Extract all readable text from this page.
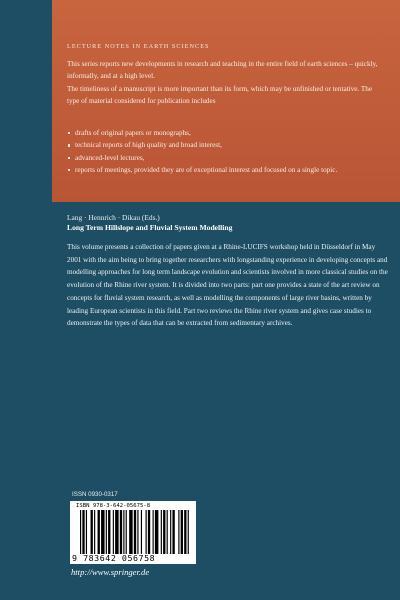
LECTURE NOTES IN EARTH SCIENCES

This series reports new developments in research and teaching in the entire field of earth sciences – quickly, informally, and at a high level.

The timeliness of a manuscript is more important than its form, which may be unfinished or tentative. The type of material considered for publication includes

drafts of original papers or monographs,
technical reports of high quality and broad interest,
advanced-level lectures,
reports of meetings, provided they are of exceptional interest and focused on a single topic.
Lang · Hennrich · Dikau (Eds.)
Long Term Hillslope and Fluvial System Modelling

This volume presents a collection of papers given at a Rhine-LUCIFS workshop held in Düsseldorf in May 2001 with the aim being to bring together researchers with longstanding experience in developing concepts and modelling approaches for long term landscape evolution and scientists involved in more classical studies on the evolution of the Rhine river system. It is divided into two parts: part one provides a state of the art review on concepts for fluvial system research, as well as modelling the components of large river basins, written by leading European scientists in this field. Part two reviews the Rhine river system and gives case studies to demonstrate the types of data that can be extracted from sedimentary archives.

ISSN 0930-0317
ISBN 978-3-642-05675-8
9 783642 056758
http://www.springer.de
